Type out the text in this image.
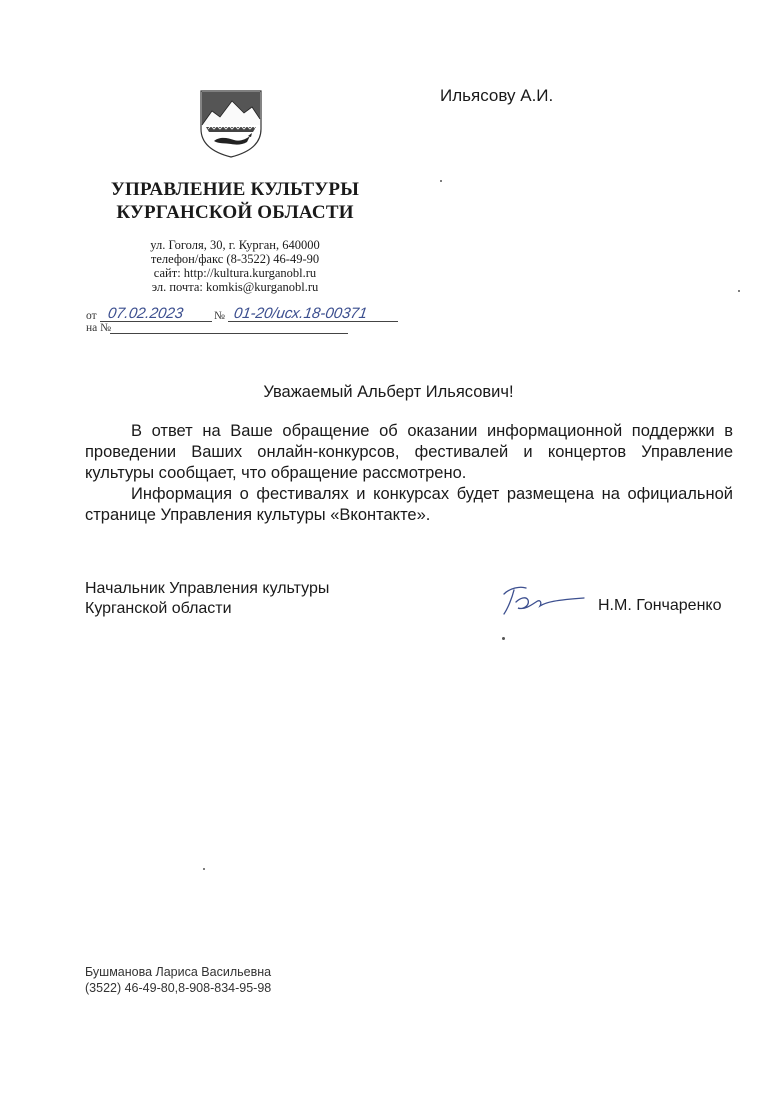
Ильясову А.И.
УПРАВЛЕНИЕ КУЛЬТУРЫ
КУРГАНСКОЙ ОБЛАСТИ
ул. Гоголя, 30, г. Курган, 640000
телефон/факс (8-3522) 46-49-90
сайт: http://kultura.kurganobl.ru
эл. почта: komkis@kurganobl.ru
от 07.02.2023	№ 01-20/исх.18-00371
на №
Уважаемый Альберт Ильясович!

В ответ на Ваше обращение об оказании информационной поддержки в проведении Ваших онлайн-конкурсов, фестивалей и концертов Управление культуры сообщает, что обращение рассмотрено.

Информация о фестивалях и конкурсах будет размещена на официальной странице Управления культуры «Вконтакте».

Начальник Управления культуры
Курганской области	Н.М. Гончаренко
Бушманова Лариса Васильевна
(3522) 46-49-80,8-908-834-95-98
